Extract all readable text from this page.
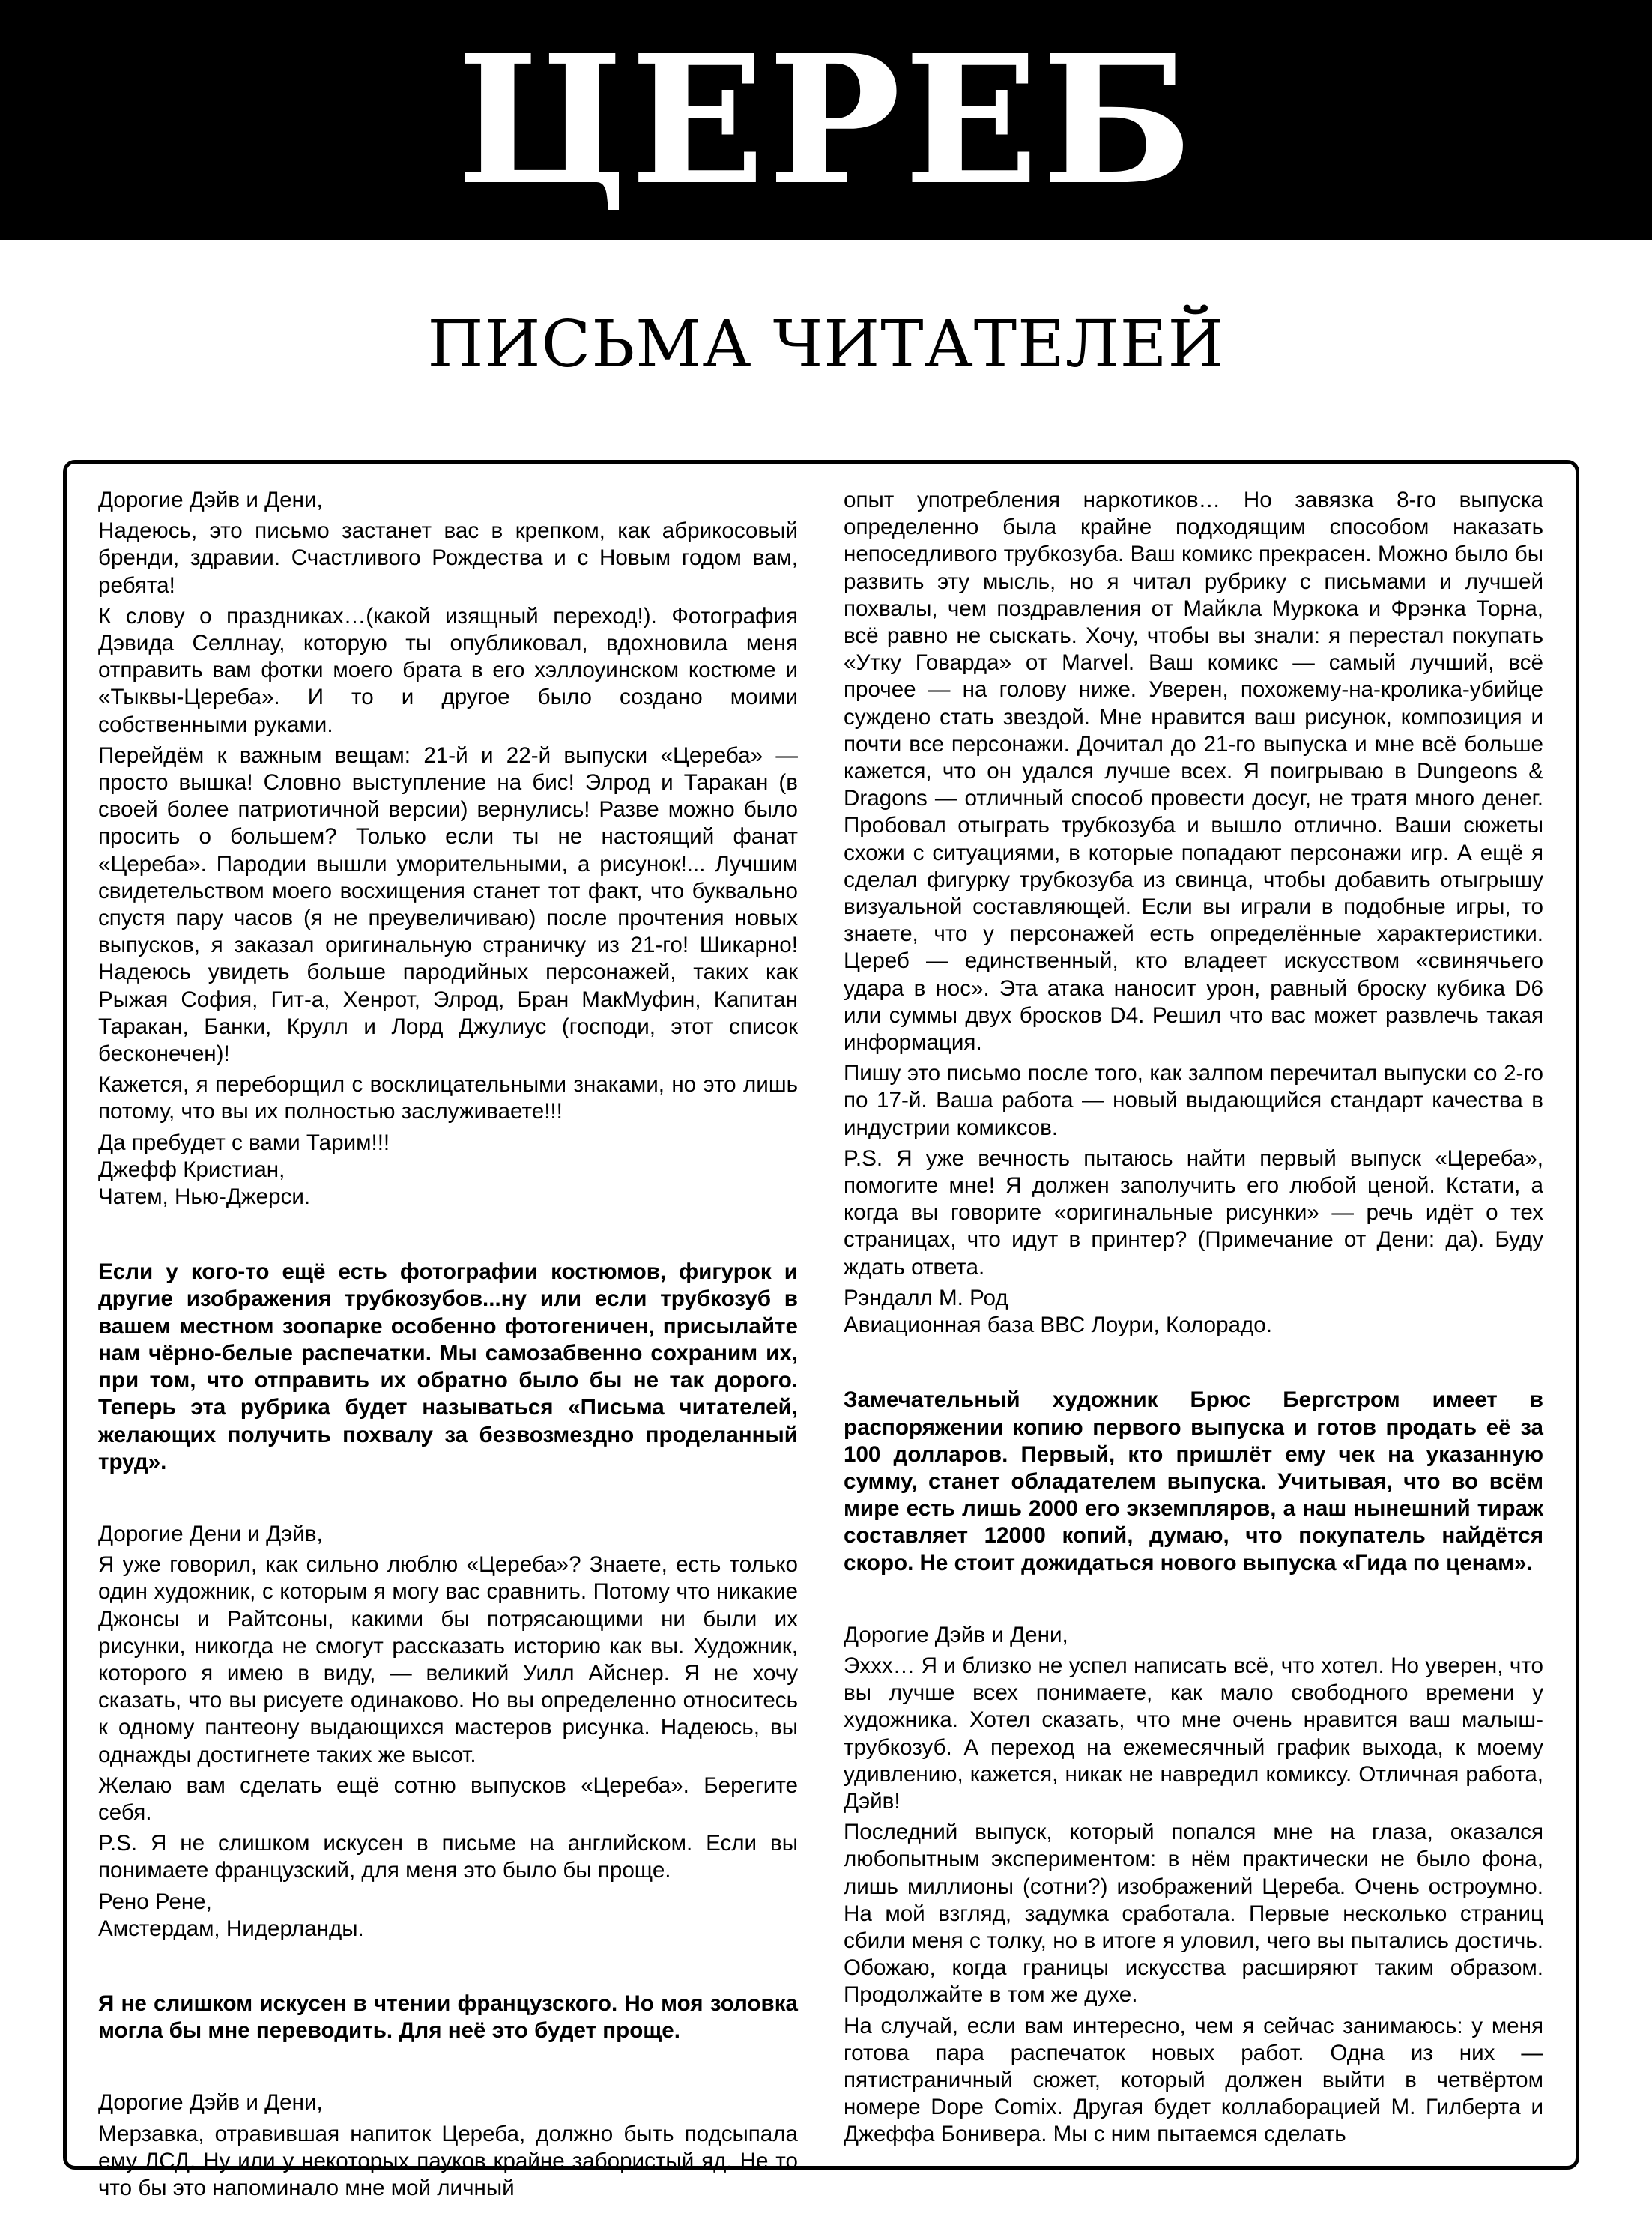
ЦЕРЕБ
ПИСЬМА ЧИТАТЕЛЕЙ

Дорогие Дэйв и Дени,

Надеюсь, это письмо застанет вас в крепком, как абрикосовый бренди, здравии. Счастливого Рождества и с Новым годом вам, ребята!

К слову о праздниках…(какой изящный переход!). Фотография Дэвида Селлнау, которую ты опубликовал, вдохновила меня отправить вам фотки моего брата в его хэллоуинском костюме и «Тыквы-Цереба». И то и другое было создано моими собственными руками.

Перейдём к важным вещам: 21-й и 22-й выпуски «Цереба» — просто вышка! Словно выступление на бис! Элрод и Таракан (в своей более патриотичной версии) вернулись! Разве можно было просить о большем? Только если ты не настоящий фанат «Цереба». Пародии вышли уморительными, а рисунок!... Лучшим свидетельством моего восхищения станет тот факт, что буквально спустя пару часов (я не преувеличиваю) после прочтения новых выпусков, я заказал оригинальную страничку из 21-го! Шикарно! Надеюсь увидеть больше пародийных персонажей, таких как Рыжая София, Гит-а, Хенрот, Элрод, Бран МакМуфин, Капитан Таракан, Банки, Крулл и Лорд Джулиус (господи, этот список бесконечен)!

Кажется, я переборщил с восклицательными знаками, но это лишь потому, что вы их полностью заслуживаете!!!

Да пребудет с вами Тарим!!!

Джефф Кристиан,

Чатем, Нью-Джерси.

Если у кого-то ещё есть фотографии костюмов, фигурок и другие изображения трубкозубов...ну или если трубкозуб в вашем местном зоопарке особенно фотогеничен, присылайте нам чёрно-белые распечатки. Мы самозабвенно сохраним их, при том, что отправить их обратно было бы не так дорого. Теперь эта рубрика будет называться «Письма читателей, желающих получить похвалу за безвозмездно проделанный труд».

Дорогие Дени и Дэйв,

Я уже говорил, как сильно люблю «Цереба»? Знаете, есть только один художник, с которым я могу вас сравнить. Потому что никакие Джонсы и Райтсоны, какими бы потрясающими ни были их рисунки, никогда не смогут рассказать историю как вы. Художник, которого я имею в виду, — великий Уилл Айснер. Я не хочу сказать, что вы рисуете одинаково. Но вы определенно относитесь к одному пантеону выдающихся мастеров рисунка. Надеюсь, вы однажды достигнете таких же высот.

Желаю вам сделать ещё сотню выпусков «Цереба». Берегите себя.

P.S. Я не слишком искусен в письме на английском. Если вы понимаете французский, для меня это было бы проще.

Рено Рене,

Амстердам, Нидерланды.

Я не слишком искусен в чтении французского. Но моя золовка могла бы мне переводить. Для неё это будет проще.

Дорогие Дэйв и Дени,

Мерзавка, отравившая напиток Цереба, должно быть подсыпала ему ЛСД. Ну или у некоторых пауков крайне забористый яд. Не то что бы это напоминало мне мой личный

опыт употребления наркотиков… Но завязка 8-го выпуска определенно была крайне подходящим способом наказать непоседливого трубкозуба. Ваш комикс прекрасен. Можно было бы развить эту мысль, но я читал рубрику с письмами и лучшей похвалы, чем поздравления от Майкла Муркока и Фрэнка Торна, всё равно не сыскать. Хочу, чтобы вы знали: я перестал покупать «Утку Говарда» от Marvel. Ваш комикс — самый лучший, всё прочее — на голову ниже. Уверен, похожему-на-кролика-убийце суждено стать звездой. Мне нравится ваш рисунок, композиция и почти все персонажи. Дочитал до 21-го выпуска и мне всё больше кажется, что он удался лучше всех. Я поигрываю в Dungeons & Dragons — отличный способ провести досуг, не тратя много денег. Пробовал отыграть трубкозуба и вышло отлично. Ваши сюжеты схожи с ситуациями, в которые попадают персонажи игр. А ещё я сделал фигурку трубкозуба из свинца, чтобы добавить отыгрышу визуальной составляющей. Если вы играли в подобные игры, то знаете, что у персонажей есть определённые характеристики. Цереб — единственный, кто владеет искусством «свинячьего удара в нос». Эта атака наносит урон, равный броску кубика D6 или суммы двух бросков D4. Решил что вас может развлечь такая информация.

Пишу это письмо после того, как залпом перечитал выпуски со 2-го по 17-й. Ваша работа — новый выдающийся стандарт качества в индустрии комиксов.

P.S. Я уже вечность пытаюсь найти первый выпуск «Цереба», помогите мне! Я должен заполучить его любой ценой. Кстати, а когда вы говорите «оригинальные рисунки» — речь идёт о тех страницах, что идут в принтер? (Примечание от Дени: да). Буду ждать ответа.

Рэндалл М. Род

Авиационная база ВВС Лоури, Колорадо.

Замечательный художник Брюс Бергстром имеет в распоряжении копию первого выпуска и готов продать её за 100 долларов. Первый, кто пришлёт ему чек на указанную сумму, станет обладателем выпуска. Учитывая, что во всём мире есть лишь 2000 его экземпляров, а наш нынешний тираж составляет 12000 копий, думаю, что покупатель найдётся скоро. Не стоит дожидаться нового выпуска «Гида по ценам».

Дорогие Дэйв и Дени,

Эххх… Я и близко не успел написать всё, что хотел. Но уверен, что вы лучше всех понимаете, как мало свободного времени у художника. Хотел сказать, что мне очень нравится ваш малыш-трубкозуб. А переход на ежемесячный график выхода, к моему удивлению, кажется, никак не навредил комиксу. Отличная работа, Дэйв!

Последний выпуск, который попался мне на глаза, оказался любопытным экспериментом: в нём практически не было фона, лишь миллионы (сотни?) изображений Цереба. Очень остроумно. На мой взгляд, задумка сработала. Первые несколько страниц сбили меня с толку, но в итоге я уловил, чего вы пытались достичь. Обожаю, когда границы искусства расширяют таким образом. Продолжайте в том же духе.

На случай, если вам интересно, чем я сейчас занимаюсь: у меня готова пара распечаток новых работ. Одна из них — пятистраничный сюжет, который должен выйти в четвёртом номере Dope Comix. Другая будет коллаборацией М. Гилберта и Джеффа Бонивера. Мы с ним пытаемся сделать
